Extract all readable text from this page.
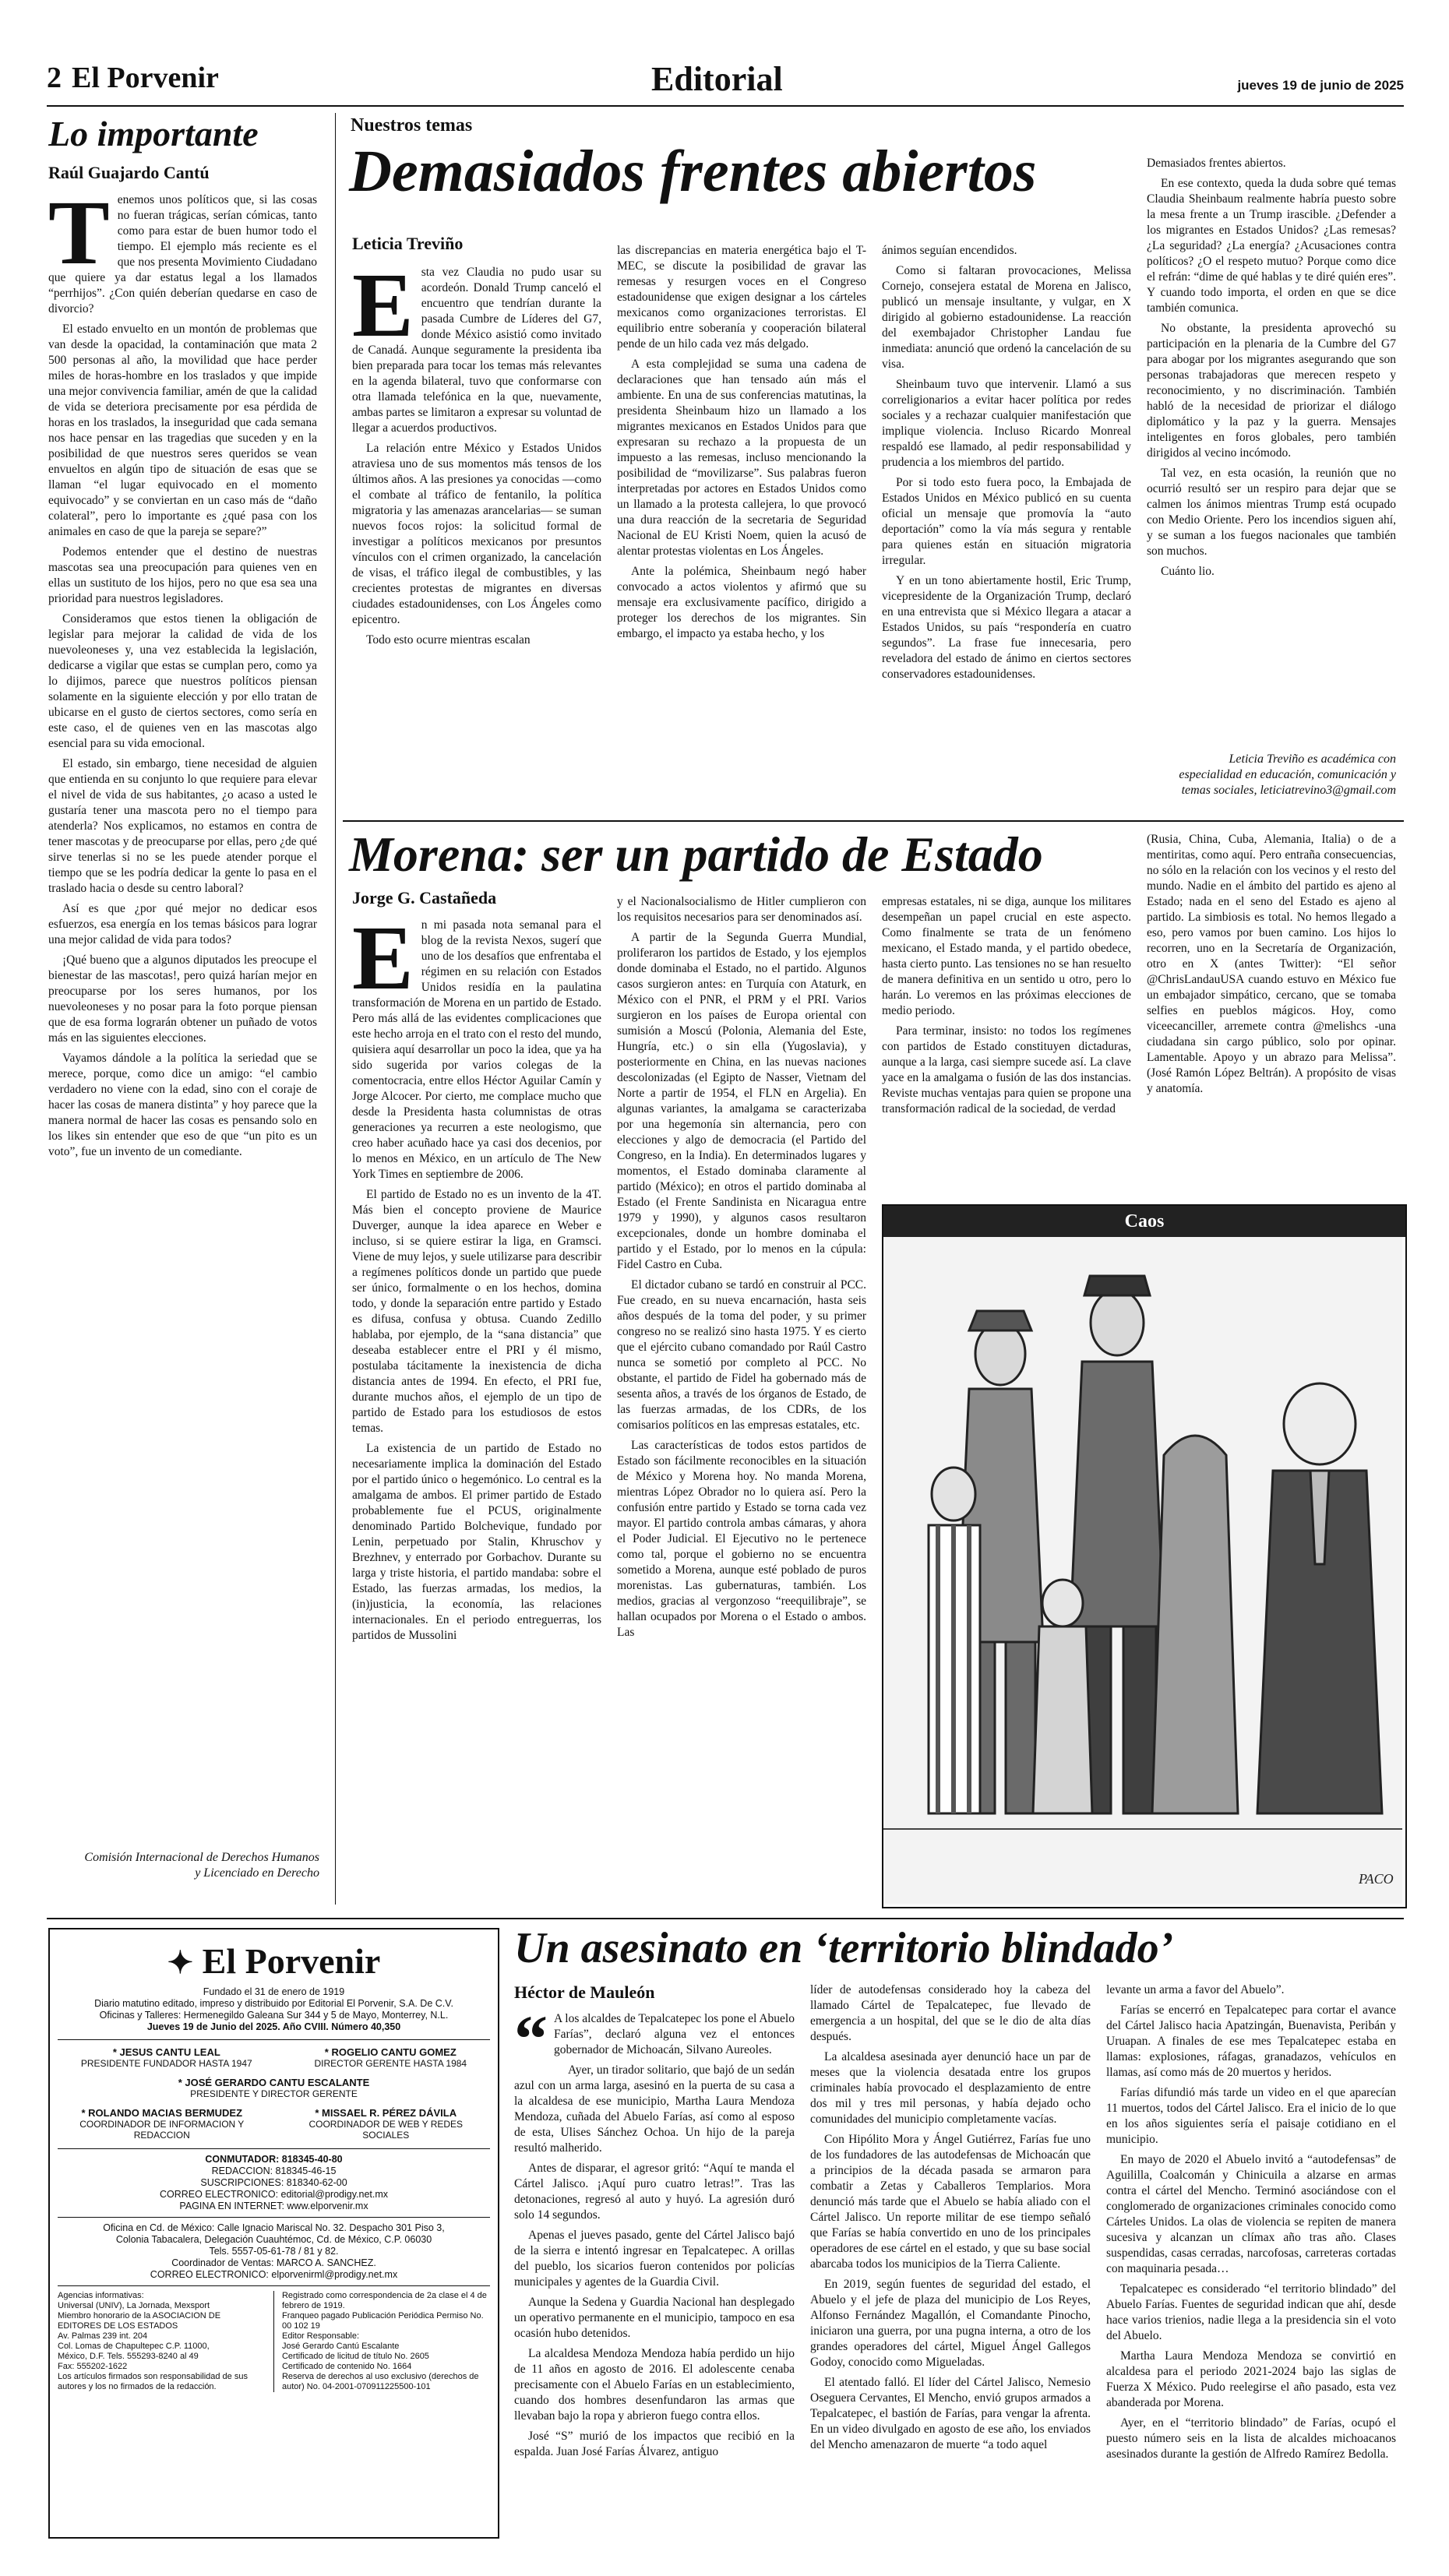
2 El Porvenir	Editorial	jueves 19 de junio de 2025
Lo importante
Raúl Guajardo Cantú

Tenemos unos políticos que, si las cosas no fueran trágicas, serían cómicas, tanto como para estar de buen humor todo el tiempo. El ejemplo más reciente es el que nos presenta Movimiento Ciudadano que quiere ya dar estatus legal a los llamados “perrhijos”. ¿Con quién deberían quedarse en caso de divorcio?

El estado envuelto en un montón de problemas que van desde la opacidad, la contaminación que mata 2 500 personas al año, la movilidad que hace perder miles de horas-hombre en los traslados y que impide una mejor convivencia familiar, amén de que la calidad de vida se deteriora precisamente por esa pérdida de horas en los traslados, la inseguridad que cada semana nos hace pensar en las tragedias que suceden y en la posibilidad de que nuestros seres queridos se vean envueltos en algún tipo de situación de esas que se llaman “el lugar equivocado en el momento equivocado” y se conviertan en un caso más de “daño colateral”, pero lo importante es ¿qué pasa con los animales en caso de que la pareja se separe?”

Podemos entender que el destino de nuestras mascotas sea una preocupación para quienes ven en ellas un sustituto de los hijos, pero no que esa sea una prioridad para nuestros legisladores.

Consideramos que estos tienen la obligación de legislar para mejorar la calidad de vida de los nuevoleoneses y, una vez establecida la legislación, dedicarse a vigilar que estas se cumplan pero, como ya lo dijimos, parece que nuestros políticos piensan solamente en la siguiente elección y por ello tratan de ubicarse en el gusto de ciertos sectores, como sería en este caso, el de quienes ven en las mascotas algo esencial para su vida emocional.

El estado, sin embargo, tiene necesidad de alguien que entienda en su conjunto lo que requiere para elevar el nivel de vida de sus habitantes, ¿o acaso a usted le gustaría tener una mascota pero no el tiempo para atenderla? Nos explicamos, no estamos en contra de tener mascotas y de preocuparse por ellas, pero ¿de qué sirve tenerlas si no se les puede atender porque el tiempo que se les podría dedicar la gente lo pasa en el traslado hacia o desde su centro laboral?

Así es que ¿por qué mejor no dedicar esos esfuerzos, esa energía en los temas básicos para lograr una mejor calidad de vida para todos?

¡Qué bueno que a algunos diputados les preocupe el bienestar de las mascotas!, pero quizá harían mejor en preocuparse por los seres humanos, por los nuevoleoneses y no posar para la foto porque piensan que de esa forma lograrán obtener un puñado de votos más en las siguientes elecciones.

Vayamos dándole a la política la seriedad que se merece, porque, como dice un amigo: “el cambio verdadero no viene con la edad, sino con el coraje de hacer las cosas de manera distinta” y hoy parece que la manera normal de hacer las cosas es pensando solo en los likes sin entender que eso de que “un pito es un voto”, fue un invento de un comediante.

Comisión Internacional de Derechos Humanos y Licenciado en Derecho
Nuestros temas
Demasiados frentes abiertos
Leticia Treviño

Esta vez Claudia no pudo usar su acordeón. Donald Trump canceló el encuentro que tendrían durante la pasada Cumbre de Líderes del G7, donde México asistió como invitado de Canadá. Aunque seguramente la presidenta iba bien preparada para tocar los temas más relevantes en la agenda bilateral, tuvo que conformarse con otra llamada telefónica en la que, nuevamente, ambas partes se limitaron a expresar su voluntad de llegar a acuerdos productivos.

La relación entre México y Estados Unidos atraviesa uno de sus momentos más tensos de los últimos años. A las presiones ya conocidas —como el combate al tráfico de fentanilo, la política migratoria y las amenazas arancelarias— se suman nuevos focos rojos: la solicitud formal de investigar a políticos mexicanos por presuntos vínculos con el crimen organizado, la cancelación de visas, el tráfico ilegal de combustibles, y las crecientes protestas de migrantes en diversas ciudades estadounidenses, con Los Ángeles como epicentro.

Todo esto ocurre mientras escalan

las discrepancias en materia energética bajo el T-MEC, se discute la posibilidad de gravar las remesas y resurgen voces en el Congreso estadounidense que exigen designar a los cárteles mexicanos como organizaciones terroristas. El equilibrio entre soberanía y cooperación bilateral pende de un hilo cada vez más delgado.

A esta complejidad se suma una cadena de declaraciones que han tensado aún más el ambiente. En una de sus conferencias matutinas, la presidenta Sheinbaum hizo un llamado a los migrantes mexicanos en Estados Unidos para que expresaran su rechazo a la propuesta de un impuesto a las remesas, incluso mencionando la posibilidad de “movilizarse”. Sus palabras fueron interpretadas por actores en Estados Unidos como un llamado a la protesta callejera, lo que provocó una dura reacción de la secretaria de Seguridad Nacional de EU Kristi Noem, quien la acusó de alentar protestas violentas en Los Ángeles.

Ante la polémica, Sheinbaum negó haber convocado a actos violentos y afirmó que su mensaje era exclusivamente pacífico, dirigido a proteger los derechos de los migrantes. Sin embargo, el impacto ya estaba hecho, y los

ánimos seguían encendidos.

Como si faltaran provocaciones, Melissa Cornejo, consejera estatal de Morena en Jalisco, publicó un mensaje insultante, y vulgar, en X dirigido al gobierno estadounidense. La reacción del exembajador Christopher Landau fue inmediata: anunció que ordenó la cancelación de su visa.

Sheinbaum tuvo que intervenir. Llamó a sus correligionarios a evitar hacer política por redes sociales y a rechazar cualquier manifestación que implique violencia. Incluso Ricardo Monreal respaldó ese llamado, al pedir responsabilidad y prudencia a los miembros del partido.

Por si todo esto fuera poco, la Embajada de Estados Unidos en México publicó en su cuenta oficial un mensaje que promovía la “auto deportación” como la vía más segura y rentable para quienes están en situación migratoria irregular.

Y en un tono abiertamente hostil, Eric Trump, vicepresidente de la Organización Trump, declaró en una entrevista que si México llegara a atacar a Estados Unidos, su país “respondería en cuatro segundos”. La frase fue innecesaria, pero reveladora del estado de ánimo en ciertos sectores conservadores estadounidenses.

Demasiados frentes abiertos.

En ese contexto, queda la duda sobre qué temas Claudia Sheinbaum realmente habría puesto sobre la mesa frente a un Trump irascible. ¿Defender a los migrantes en Estados Unidos? ¿Las remesas? ¿La seguridad? ¿La energía? ¿Acusaciones contra políticos? ¿O el respeto mutuo? Porque como dice el refrán: “dime de qué hablas y te diré quién eres”. Y cuando todo importa, el orden en que se dice también comunica.

No obstante, la presidenta aprovechó su participación en la plenaria de la Cumbre del G7 para abogar por los migrantes asegurando que son personas trabajadoras que merecen respeto y reconocimiento, y no discriminación. También habló de la necesidad de priorizar el diálogo diplomático y la paz y la guerra. Mensajes inteligentes en foros globales, pero también dirigidos al vecino incómodo.

Tal vez, en esta ocasión, la reunión que no ocurrió resultó ser un respiro para dejar que se calmen los ánimos mientras Trump está ocupado con Medio Oriente. Pero los incendios siguen ahí, y se suman a los fuegos nacionales que también son muchos.

Cuánto lio.

Leticia Treviño es académica con especialidad en educación, comunicación y temas sociales, leticiatrevino3@gmail.com
Morena: ser un partido de Estado
Jorge G. Castañeda

En mi pasada nota semanal para el blog de la revista Nexos, sugerí que uno de los desafíos que enfrentaba el régimen en su relación con Estados Unidos residía en la paulatina transformación de Morena en un partido de Estado. Pero más allá de las evidentes complicaciones que este hecho arroja en el trato con el resto del mundo, quisiera aquí desarrollar un poco la idea, que ya ha sido sugerida por varios colegas de la comentocracia, entre ellos Héctor Aguilar Camín y Jorge Alcocer. Por cierto, me complace mucho que desde la Presidenta hasta columnistas de otras generaciones ya recurren a este neologismo, que creo haber acuñado hace ya casi dos decenios, por lo menos en México, en un artículo de The New York Times en septiembre de 2006.

El partido de Estado no es un invento de la 4T. Más bien el concepto proviene de Maurice Duverger, aunque la idea aparece en Weber e incluso, si se quiere estirar la liga, en Gramsci. Viene de muy lejos, y suele utilizarse para describir a regímenes políticos donde un partido que puede ser único, formalmente o en los hechos, domina todo, y donde la separación entre partido y Estado es difusa, confusa y obtusa. Cuando Zedillo hablaba, por ejemplo, de la “sana distancia” que deseaba establecer entre el PRI y él mismo, postulaba tácitamente la inexistencia de dicha distancia antes de 1994. En efecto, el PRI fue, durante muchos años, el ejemplo de un tipo de partido de Estado para los estudiosos de estos temas.

La existencia de un partido de Estado no necesariamente implica la dominación del Estado por el partido único o hegemónico. Lo central es la amalgama de ambos. El primer partido de Estado probablemente fue el PCUS, originalmente denominado Partido Bolchevique, fundado por Lenin, perpetuado por Stalin, Khruschov y Brezhnev, y enterrado por Gorbachov. Durante su larga y triste historia, el partido mandaba: sobre el Estado, las fuerzas armadas, los medios, la (in)justicia, la economía, las relaciones internacionales. En el periodo entreguerras, los partidos de Mussolini

y el Nacionalsocialismo de Hitler cumplieron con los requisitos necesarios para ser denominados así.

A partir de la Segunda Guerra Mundial, proliferaron los partidos de Estado, y los ejemplos donde dominaba el Estado, no el partido. Algunos casos surgieron antes: en Turquía con Ataturk, en México con el PNR, el PRM y el PRI. Varios surgieron en los países de Europa oriental con sumisión a Moscú (Polonia, Alemania del Este, Hungría, etc.) o sin ella (Yugoslavia), y posteriormente en China, en las nuevas naciones descolonizadas (el Egipto de Nasser, Vietnam del Norte a partir de 1954, el FLN en Argelia). En algunas variantes, la amalgama se caracterizaba por una hegemonía sin alternancia, pero con elecciones y algo de democracia (el Partido del Congreso, en la India). En determinados lugares y momentos, el Estado dominaba claramente al partido (México); en otros el partido dominaba al Estado (el Frente Sandinista en Nicaragua entre 1979 y 1990), y algunos casos resultaron excepcionales, donde un hombre dominaba el partido y el Estado, por lo menos en la cúpula: Fidel Castro en Cuba.

El dictador cubano se tardó en construir al PCC. Fue creado, en su nueva encarnación, hasta seis años después de la toma del poder, y su primer congreso no se realizó sino hasta 1975. Y es cierto que el ejército cubano comandado por Raúl Castro nunca se sometió por completo al PCC. No obstante, el partido de Fidel ha gobernado más de sesenta años, a través de los órganos de Estado, de las fuerzas armadas, de los CDRs, de los comisarios políticos en las empresas estatales, etc.

Las características de todos estos partidos de Estado son fácilmente reconocibles en la situación de México y Morena hoy. No manda Morena, mientras López Obrador no lo quiera así. Pero la confusión entre partido y Estado se torna cada vez mayor. El partido controla ambas cámaras, y ahora el Poder Judicial. El Ejecutivo no le pertenece como tal, porque el gobierno no se encuentra sometido a Morena, aunque esté poblado de puros morenistas. Las gubernaturas, también. Los medios, gracias al vergonzoso “reequilibraje”, se hallan ocupados por Morena o el Estado o ambos. Las

empresas estatales, ni se diga, aunque los militares desempeñan un papel crucial en este aspecto. Como finalmente se trata de un fenómeno mexicano, el Estado manda, y el partido obedece, hasta cierto punto. Las tensiones no se han resuelto de manera definitiva en un sentido u otro, pero lo harán. Lo veremos en las próximas elecciones de medio periodo.

Para terminar, insisto: no todos los regímenes con partidos de Estado constituyen dictaduras, aunque a la larga, casi siempre sucede así. La clave yace en la amalgama o fusión de las dos instancias. Reviste muchas ventajas para quien se propone una transformación radical de la sociedad, de verdad

(Rusia, China, Cuba, Alemania, Italia) o de a mentiritas, como aquí. Pero entraña consecuencias, no sólo en la relación con los vecinos y el resto del mundo. Nadie en el ámbito del partido es ajeno al Estado; nada en el seno del Estado es ajeno al partido. La simbiosis es total. No hemos llegado a eso, pero vamos por buen camino. Los hijos lo recorren, uno en la Secretaría de Organización, otro en X (antes Twitter): “El señor @ChrisLandauUSA cuando estuvo en México fue un embajador simpático, cercano, que se tomaba selfies en pueblos mágicos. Hoy, como viceecanciller, arremete contra @melishcs -una ciudadana sin cargo público, solo por opinar. Lamentable. Apoyo y un abrazo para Melissa”. (José Ramón López Beltrán). A propósito de visas y anatomía.

Caos
PACO
✦ El Porvenir
Fundado el 31 de enero de 1919
Diario matutino editado, impreso y distribuido por Editorial El Porvenir, S.A. De C.V.
Oficinas y Talleres: Hermenegildo Galeana Sur 344 y 5 de Mayo, Monterrey, N.L.
Jueves 19 de Junio del 2025. Año CVIII. Número 40,350
* JESUS CANTU LEAL
PRESIDENTE FUNDADOR HASTA 1947
* ROGELIO CANTU GOMEZ
DIRECTOR GERENTE HASTA 1984
* JOSÉ GERARDO CANTU ESCALANTE
PRESIDENTE Y DIRECTOR GERENTE
* ROLANDO MACIAS BERMUDEZ
COORDINADOR DE INFORMACION Y REDACCION
* MISSAEL R. PÉREZ DÁVILA
COORDINADOR DE WEB Y REDES SOCIALES
CONMUTADOR: 818345-40-80
REDACCION: 818345-46-15
SUSCRIPCIONES: 818340-62-00
CORREO ELECTRONICO: editorial@prodigy.net.mx
PAGINA EN INTERNET: www.elporvenir.mx
Oficina en Cd. de México: Calle Ignacio Mariscal No. 32. Despacho 301 Piso 3,
Colonia Tabacalera, Delegación Cuauhtémoc, Cd. de México, C.P. 06030
Tels. 5557-05-61-78 / 81 y 82.
Coordinador de Ventas: MARCO A. SANCHEZ.
CORREO ELECTRONICO: elporvenirml@prodigy.net.mx
Agencias informativas:
Universal (UNIV), La Jornada, Mexsport
Miembro honorario de la ASOCIACION DE EDITORES DE LOS ESTADOS
Av. Palmas 239 int. 204
Col. Lomas de Chapultepec C.P. 11000,
México, D.F. Tels. 555293-8240 al 49
Fax: 555202-1622
Los artículos firmados son responsabilidad de sus autores y los no firmados de la redacción.
Registrado como correspondencia de 2a clase el 4 de febrero de 1919.
Franqueo pagado Publicación Periódica Permiso No. 00 102 19
Editor Responsable:
José Gerardo Cantú Escalante
Certificado de licitud de título No. 2605
Certificado de contenido No. 1664
Reserva de derechos al uso exclusivo (derechos de autor) No. 04-2001-070911225500-101
Un asesinato en ‘territorio blindado’
Héctor de Mauleón

“ A los alcaldes de Tepalcatepec los pone el Abuelo Farías”, declaró alguna vez el entonces gobernador de Michoacán, Silvano Aureoles.

Ayer, un tirador solitario, que bajó de un sedán azul con un arma larga, asesinó en la puerta de su casa a la alcaldesa de ese municipio, Martha Laura Mendoza Mendoza, cuñada del Abuelo Farías, así como al esposo de esta, Ulises Sánchez Ochoa. Un hijo de la pareja resultó malherido.

Antes de disparar, el agresor gritó: “Aquí te manda el Cártel Jalisco. ¡Aquí puro cuatro letras!”. Tras las detonaciones, regresó al auto y huyó. La agresión duró solo 14 segundos.

Apenas el jueves pasado, gente del Cártel Jalisco bajó de la sierra e intentó ingresar en Tepalcatepec. A orillas del pueblo, los sicarios fueron contenidos por policías municipales y agentes de la Guardia Civil.

Aunque la Sedena y Guardia Nacional han desplegado un operativo permanente en el municipio, tampoco en esa ocasión hubo detenidos.

La alcaldesa Mendoza Mendoza había perdido un hijo de 11 años en agosto de 2016. El adolescente cenaba precisamente con el Abuelo Farías en un establecimiento, cuando dos hombres desenfundaron las armas que llevaban bajo la ropa y abrieron fuego contra ellos.

José “S” murió de los impactos que recibió en la espalda. Juan José Farías Álvarez, antiguo

líder de autodefensas considerado hoy la cabeza del llamado Cártel de Tepalcatepec, fue llevado de emergencia a un hospital, del que se le dio de alta días después.

La alcaldesa asesinada ayer denunció hace un par de meses que la violencia desatada entre los grupos criminales había provocado el desplazamiento de entre dos mil y tres mil personas, y había dejado ocho comunidades del municipio completamente vacías.

Con Hipólito Mora y Ángel Gutiérrez, Farías fue uno de los fundadores de las autodefensas de Michoacán que a principios de la década pasada se armaron para combatir a Zetas y Caballeros Templarios. Mora denunció más tarde que el Abuelo se había aliado con el Cártel Jalisco. Un reporte militar de ese tiempo señaló que Farías se había convertido en uno de los principales operadores de ese cártel en el estado, y que su base social abarcaba todos los municipios de la Tierra Caliente.

En 2019, según fuentes de seguridad del estado, el Abuelo y el jefe de plaza del municipio de Los Reyes, Alfonso Fernández Magallón, el Comandante Pinocho, iniciaron una guerra, por una pugna interna, a otro de los grandes operadores del cártel, Miguel Ángel Gallegos Godoy, conocido como Migueladas.

El atentado falló. El líder del Cártel Jalisco, Nemesio Oseguera Cervantes, El Mencho, envió grupos armados a Tepalcatepec, el bastión de Farías, para vengar la afrenta. En un video divulgado en agosto de ese año, los enviados del Mencho amenazaron de muerte “a todo aquel

levante un arma a favor del Abuelo”.

Farías se encerró en Tepalcatepec para cortar el avance del Cártel Jalisco hacia Apatzingán, Buenavista, Peribán y Uruapan. A finales de ese mes Tepalcatepec estaba en llamas: explosiones, ráfagas, granadazos, vehículos en llamas, así como más de 20 muertos y heridos.

Farías difundió más tarde un video en el que aparecían 11 muertos, todos del Cártel Jalisco. Era el inicio de lo que en los años siguientes sería el paisaje cotidiano en el municipio.

En mayo de 2020 el Abuelo invitó a “autodefensas” de Aguililla, Coalcomán y Chinicuila a alzarse en armas contra el cártel del Mencho. Terminó asociándose con el conglomerado de organizaciones criminales conocido como Cárteles Unidos. La olas de violencia se repiten de manera sucesiva y alcanzan un clímax año tras año. Clases suspendidas, casas cerradas, narcofosas, carreteras cortadas con maquinaria pesada…

Tepalcatepec es considerado “el territorio blindado” del Abuelo Farías. Fuentes de seguridad indican que ahí, desde hace varios trienios, nadie llega a la presidencia sin el voto del Abuelo.

Martha Laura Mendoza Mendoza se convirtió en alcaldesa para el periodo 2021-2024 bajo las siglas de Fuerza X México. Pudo reelegirse el año pasado, esta vez abanderada por Morena.

Ayer, en el “territorio blindado” de Farías, ocupó el puesto número seis en la lista de alcaldes michoacanos asesinados durante la gestión de Alfredo Ramírez Bedolla.
